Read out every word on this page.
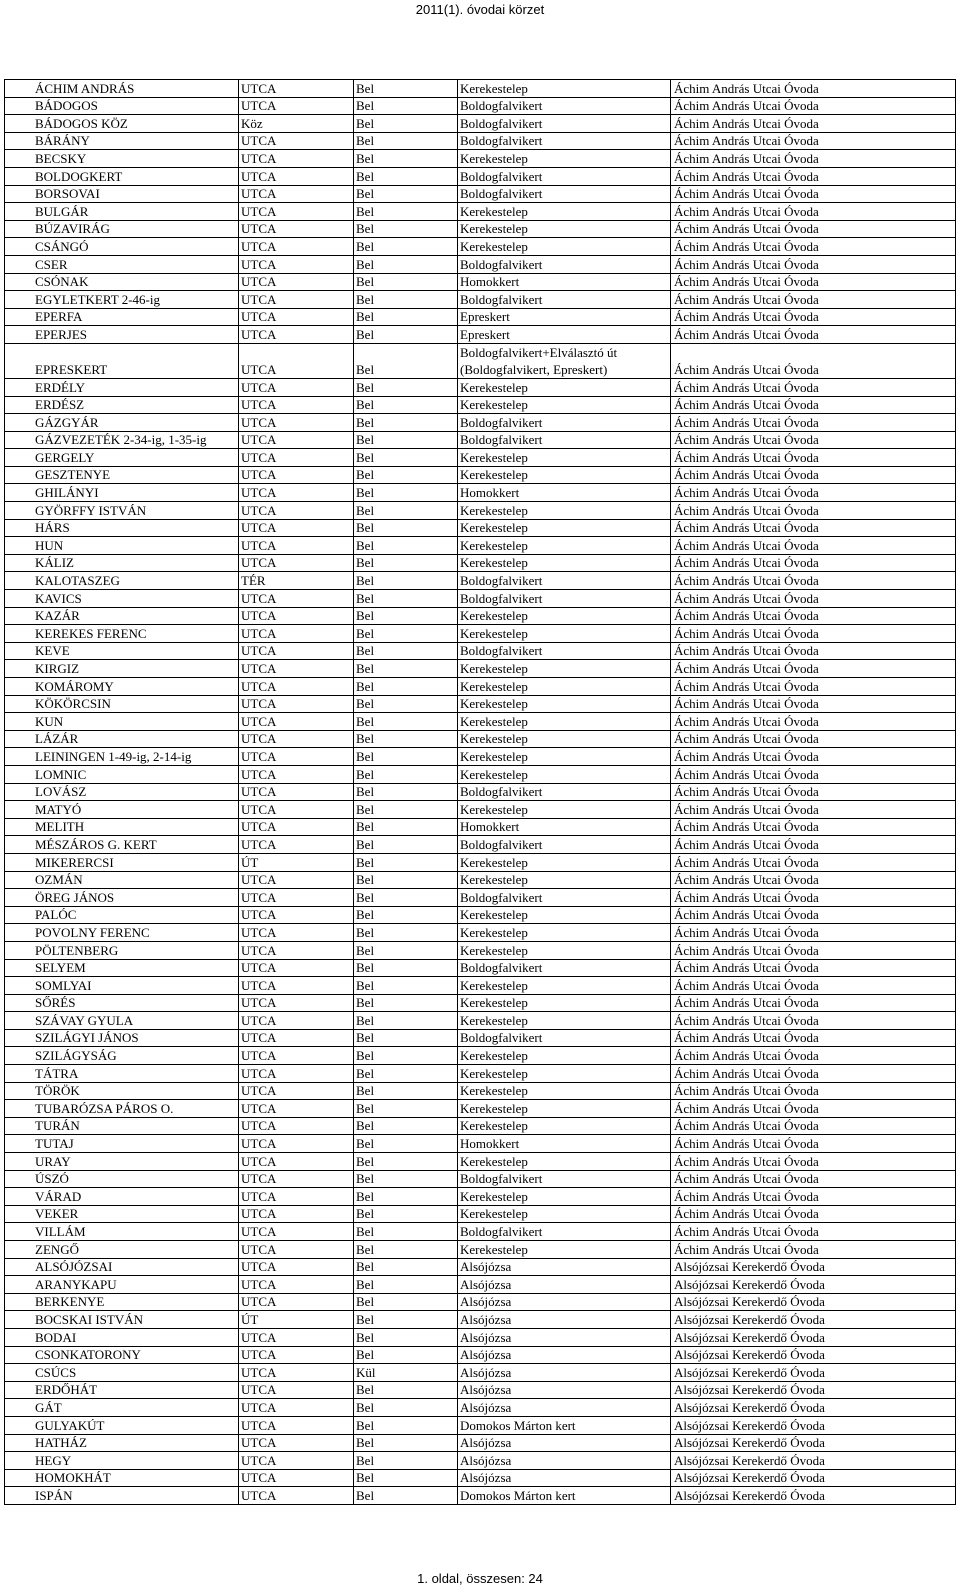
2011(1). óvodai körzet
ÁCHIM ANDRÁS	UTCA	Bel	Kerekestelep	Áchim András Utcai Óvoda
BÁDOGOS	UTCA	Bel	Boldogfalvikert	Áchim András Utcai Óvoda
BÁDOGOS KÖZ	Köz	Bel	Boldogfalvikert	Áchim András Utcai Óvoda
BÁRÁNY	UTCA	Bel	Boldogfalvikert	Áchim András Utcai Óvoda
BECSKY	UTCA	Bel	Kerekestelep	Áchim András Utcai Óvoda
BOLDOGKERT	UTCA	Bel	Boldogfalvikert	Áchim András Utcai Óvoda
BORSOVAI	UTCA	Bel	Boldogfalvikert	Áchim András Utcai Óvoda
BULGÁR	UTCA	Bel	Kerekestelep	Áchim András Utcai Óvoda
BÚZAVIRÁG	UTCA	Bel	Kerekestelep	Áchim András Utcai Óvoda
CSÁNGÓ	UTCA	Bel	Kerekestelep	Áchim András Utcai Óvoda
CSER	UTCA	Bel	Boldogfalvikert	Áchim András Utcai Óvoda
CSÓNAK	UTCA	Bel	Homokkert	Áchim András Utcai Óvoda
EGYLETKERT 2-46-ig	UTCA	Bel	Boldogfalvikert	Áchim András Utcai Óvoda
EPERFA	UTCA	Bel	Epreskert	Áchim András Utcai Óvoda
EPERJES	UTCA	Bel	Epreskert	Áchim András Utcai Óvoda
EPRESKERT	UTCA	Bel	Boldogfalvikert+Elválasztó út (Boldogfalvikert, Epreskert)	Áchim András Utcai Óvoda
ERDÉLY	UTCA	Bel	Kerekestelep	Áchim András Utcai Óvoda
ERDÉSZ	UTCA	Bel	Kerekestelep	Áchim András Utcai Óvoda
GÁZGYÁR	UTCA	Bel	Boldogfalvikert	Áchim András Utcai Óvoda
GÁZVEZETÉK 2-34-ig, 1-35-ig	UTCA	Bel	Boldogfalvikert	Áchim András Utcai Óvoda
GERGELY	UTCA	Bel	Kerekestelep	Áchim András Utcai Óvoda
GESZTENYE	UTCA	Bel	Kerekestelep	Áchim András Utcai Óvoda
GHILÁNYI	UTCA	Bel	Homokkert	Áchim András Utcai Óvoda
GYÖRFFY ISTVÁN	UTCA	Bel	Kerekestelep	Áchim András Utcai Óvoda
HÁRS	UTCA	Bel	Kerekestelep	Áchim András Utcai Óvoda
HUN	UTCA	Bel	Kerekestelep	Áchim András Utcai Óvoda
KÁLIZ	UTCA	Bel	Kerekestelep	Áchim András Utcai Óvoda
KALOTASZEG	TÉR	Bel	Boldogfalvikert	Áchim András Utcai Óvoda
KAVICS	UTCA	Bel	Boldogfalvikert	Áchim András Utcai Óvoda
KAZÁR	UTCA	Bel	Kerekestelep	Áchim András Utcai Óvoda
KEREKES FERENC	UTCA	Bel	Kerekestelep	Áchim András Utcai Óvoda
KEVE	UTCA	Bel	Boldogfalvikert	Áchim András Utcai Óvoda
KIRGIZ	UTCA	Bel	Kerekestelep	Áchim András Utcai Óvoda
KOMÁROMY	UTCA	Bel	Kerekestelep	Áchim András Utcai Óvoda
KÖKÖRCSIN	UTCA	Bel	Kerekestelep	Áchim András Utcai Óvoda
KUN	UTCA	Bel	Kerekestelep	Áchim András Utcai Óvoda
LÁZÁR	UTCA	Bel	Kerekestelep	Áchim András Utcai Óvoda
LEININGEN 1-49-ig, 2-14-ig	UTCA	Bel	Kerekestelep	Áchim András Utcai Óvoda
LOMNIC	UTCA	Bel	Kerekestelep	Áchim András Utcai Óvoda
LOVÁSZ	UTCA	Bel	Boldogfalvikert	Áchim András Utcai Óvoda
MATYÓ	UTCA	Bel	Kerekestelep	Áchim András Utcai Óvoda
MELITH	UTCA	Bel	Homokkert	Áchim András Utcai Óvoda
MÉSZÁROS G. KERT	UTCA	Bel	Boldogfalvikert	Áchim András Utcai Óvoda
MIKERERCSI	ÚT	Bel	Kerekestelep	Áchim András Utcai Óvoda
OZMÁN	UTCA	Bel	Kerekestelep	Áchim András Utcai Óvoda
ÖREG JÁNOS	UTCA	Bel	Boldogfalvikert	Áchim András Utcai Óvoda
PALÓC	UTCA	Bel	Kerekestelep	Áchim András Utcai Óvoda
POVOLNY FERENC	UTCA	Bel	Kerekestelep	Áchim András Utcai Óvoda
PÖLTENBERG	UTCA	Bel	Kerekestelep	Áchim András Utcai Óvoda
SELYEM	UTCA	Bel	Boldogfalvikert	Áchim András Utcai Óvoda
SOMLYAI	UTCA	Bel	Kerekestelep	Áchim András Utcai Óvoda
SŐRÉS	UTCA	Bel	Kerekestelep	Áchim András Utcai Óvoda
SZÁVAY GYULA	UTCA	Bel	Kerekestelep	Áchim András Utcai Óvoda
SZILÁGYI JÁNOS	UTCA	Bel	Boldogfalvikert	Áchim András Utcai Óvoda
SZILÁGYSÁG	UTCA	Bel	Kerekestelep	Áchim András Utcai Óvoda
TÁTRA	UTCA	Bel	Kerekestelep	Áchim András Utcai Óvoda
TÖRÖK	UTCA	Bel	Kerekestelep	Áchim András Utcai Óvoda
TUBARÓZSA PÁROS O.	UTCA	Bel	Kerekestelep	Áchim András Utcai Óvoda
TURÁN	UTCA	Bel	Kerekestelep	Áchim András Utcai Óvoda
TUTAJ	UTCA	Bel	Homokkert	Áchim András Utcai Óvoda
URAY	UTCA	Bel	Kerekestelep	Áchim András Utcai Óvoda
ÚSZÓ	UTCA	Bel	Boldogfalvikert	Áchim András Utcai Óvoda
VÁRAD	UTCA	Bel	Kerekestelep	Áchim András Utcai Óvoda
VEKER	UTCA	Bel	Kerekestelep	Áchim András Utcai Óvoda
VILLÁM	UTCA	Bel	Boldogfalvikert	Áchim András Utcai Óvoda
ZENGŐ	UTCA	Bel	Kerekestelep	Áchim András Utcai Óvoda
ALSÓJÓZSAI	UTCA	Bel	Alsójózsa	Alsójózsai Kerekerdő Óvoda
ARANYKAPU	UTCA	Bel	Alsójózsa	Alsójózsai Kerekerdő Óvoda
BERKENYE	UTCA	Bel	Alsójózsa	Alsójózsai Kerekerdő Óvoda
BOCSKAI ISTVÁN	ÚT	Bel	Alsójózsa	Alsójózsai Kerekerdő Óvoda
BODAI	UTCA	Bel	Alsójózsa	Alsójózsai Kerekerdő Óvoda
CSONKATORONY	UTCA	Bel	Alsójózsa	Alsójózsai Kerekerdő Óvoda
CSÚCS	UTCA	Kül	Alsójózsa	Alsójózsai Kerekerdő Óvoda
ERDŐHÁT	UTCA	Bel	Alsójózsa	Alsójózsai Kerekerdő Óvoda
GÁT	UTCA	Bel	Alsójózsa	Alsójózsai Kerekerdő Óvoda
GULYAKÚT	UTCA	Bel	Domokos Márton kert	Alsójózsai Kerekerdő Óvoda
HATHÁZ	UTCA	Bel	Alsójózsa	Alsójózsai Kerekerdő Óvoda
HEGY	UTCA	Bel	Alsójózsa	Alsójózsai Kerekerdő Óvoda
HOMOKHÁT	UTCA	Bel	Alsójózsa	Alsójózsai Kerekerdő Óvoda
ISPÁN	UTCA	Bel	Domokos Márton kert	Alsójózsai Kerekerdő Óvoda
1. oldal, összesen: 24
